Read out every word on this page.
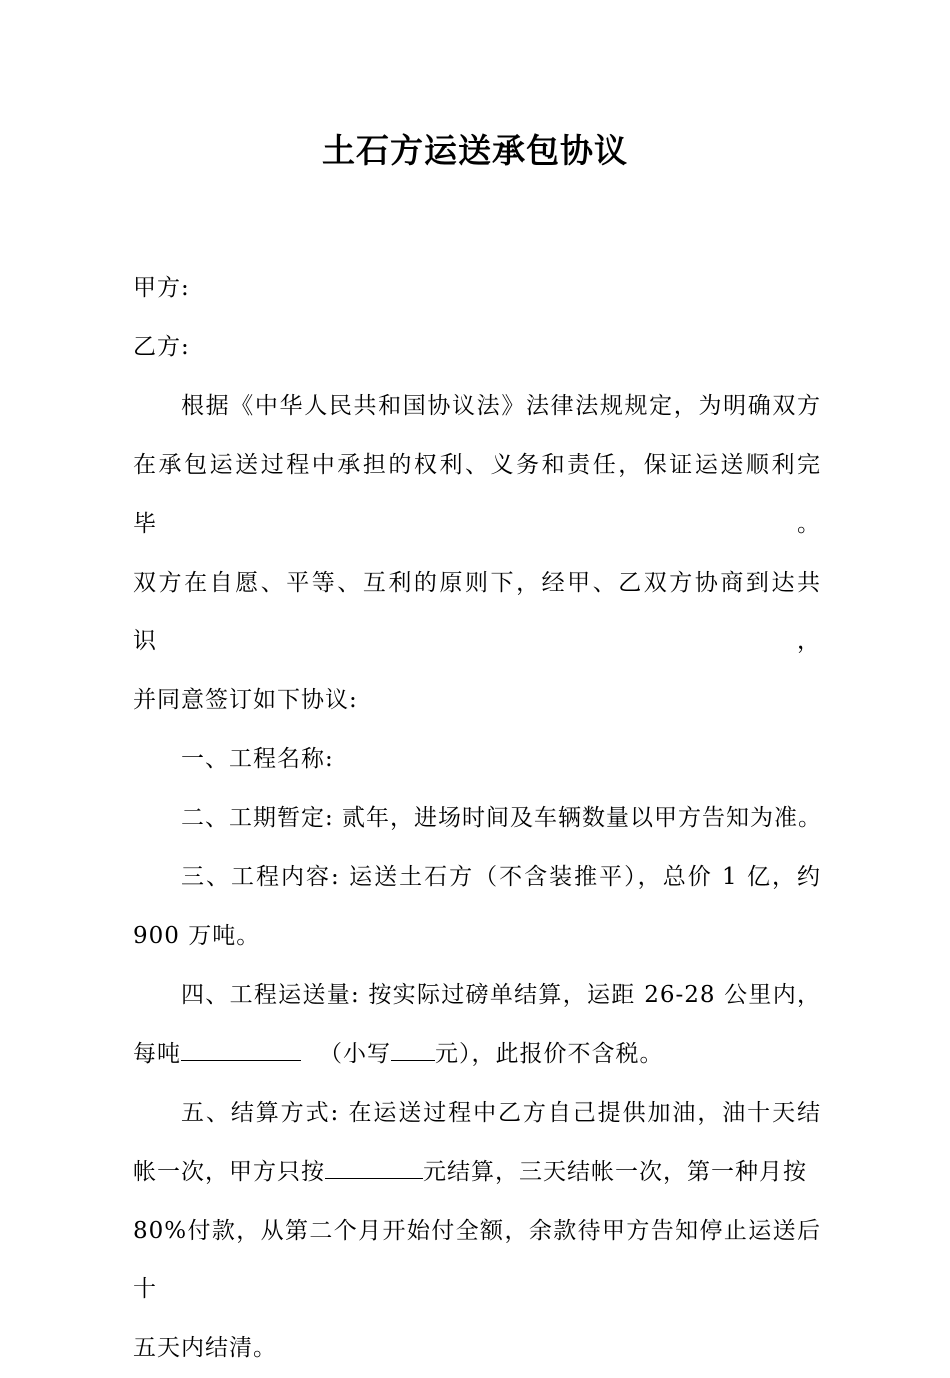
土石方运送承包协议

甲方:

乙方:

根据《中华人民共和国协议法》法律法规规定，为明确双方

在承包运送过程中承担的权利、义务和责任，保证运送顺利完毕。

双方在自愿、平等、互利的原则下，经甲、乙双方协商到达共识，

并同意签订如下协议:

一、工程名称:

二、工期暂定: 贰年，进场时间及车辆数量以甲方告知为准。

三、工程内容: 运送土石方（不含装推平），总价 1 亿，约

900 万吨。

四、工程运送量: 按实际过磅单结算，运距 26-28 公里内，

每吨	（小写 元），此报价不含税。

五、结算方式: 在运送过程中乙方自己提供加油，油十天结

帐一次，甲方只按	元结算，三天结帐一次，第一种月按

80%付款，从第二个月开始付全额，余款待甲方告知停止运送后十

五天内结清。
